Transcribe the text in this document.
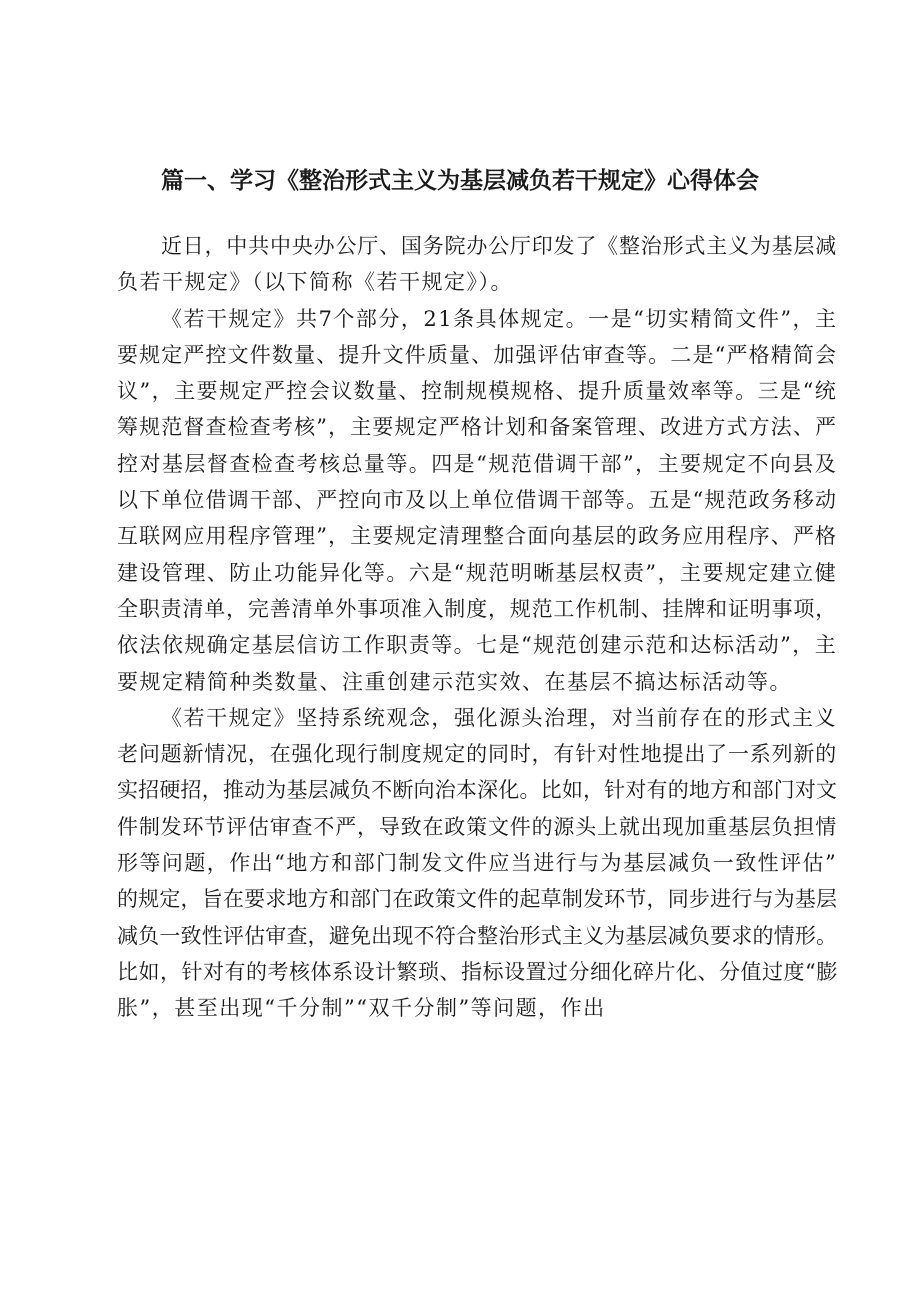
篇一、学习《整治形式主义为基层减负若干规定》心得体会
近日，中共中央办公厅、国务院办公厅印发了《整治形式主义为基层减
负若干规定》（以下简称《若干规定》）。
《若干规定》共7个部分，21条具体规定。一是“切实精简文件”，主
要规定严控文件数量、提升文件质量、加强评估审查等。二是“严格精简会
议”，主要规定严控会议数量、控制规模规格、提升质量效率等。三是“统
筹规范督查检查考核”，主要规定严格计划和备案管理、改进方式方法、严
控对基层督查检查考核总量等。四是“规范借调干部”，主要规定不向县及
以下单位借调干部、严控向市及以上单位借调干部等。五是“规范政务移动
互联网应用程序管理”，主要规定清理整合面向基层的政务应用程序、严格
建设管理、防止功能异化等。六是“规范明晰基层权责”，主要规定建立健
全职责清单，完善清单外事项准入制度，规范工作机制、挂牌和证明事项，
依法依规确定基层信访工作职责等。七是“规范创建示范和达标活动”，主
要规定精简种类数量、注重创建示范实效、在基层不搞达标活动等。
《若干规定》坚持系统观念，强化源头治理，对当前存在的形式主义
老问题新情况，在强化现行制度规定的同时，有针对性地提出了一系列新的
实招硬招，推动为基层减负不断向治本深化。比如，针对有的地方和部门对文
件制发环节评估审查不严，导致在政策文件的源头上就出现加重基层负担情
形等问题，作出“地方和部门制发文件应当进行与为基层减负一致性评估”
的规定，旨在要求地方和部门在政策文件的起草制发环节，同步进行与为基层
减负一致性评估审查，避免出现不符合整治形式主义为基层减负要求的情形。
比如，针对有的考核体系设计繁琐、指标设置过分细化碎片化、分值过度“膨
胀”，甚至出现“千分制”“双千分制”等问题，作出
